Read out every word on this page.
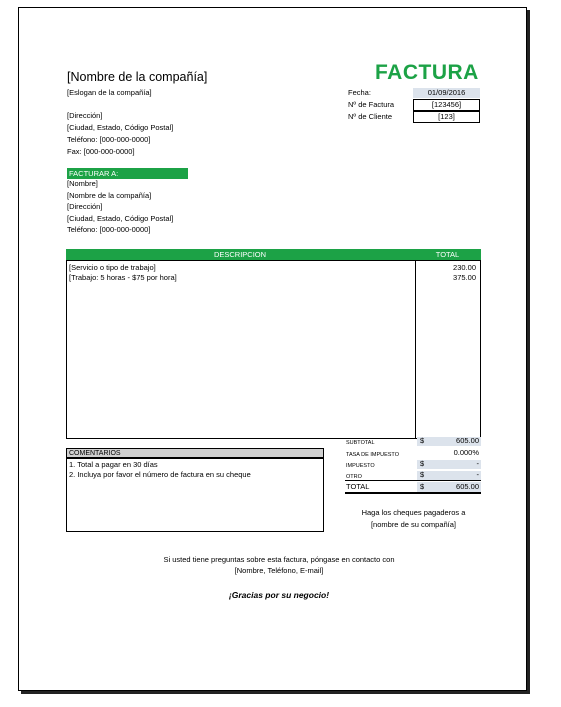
[Nombre de la compañía]
[Eslogan de la compañía]
[Dirección]
[Ciudad, Estado, Código Postal]
Teléfono: [000-000-0000]
Fax: [000-000-0000]
FACTURA
Fecha:	01/09/2016
Nº de Factura	[123456]
Nº de Cliente	[123]
FACTURAR A:
[Nombre]
[Nombre de la compañía]
[Dirección]
[Ciudad, Estado, Código Postal]
Teléfono: [000-000-0000]
DESCRIPCION	TOTAL
[Servicio o tipo de trabajo]	230.00
[Trabajo: 5 horas - $75 por hora]	375.00
SUBTOTAL	$	605.00
TASA DE IMPUESTO	0.000%
IMPUESTO	$	-
OTRO	$	-
TOTAL	$	605.00
COMENTARIOS
1. Total a pagar en 30 días
2. Incluya por favor el número de factura en su cheque
Haga los cheques pagaderos a
[nombre de su compañía]
Si usted tiene preguntas sobre esta factura, póngase en contacto con
[Nombre, Teléfono, E-mail]
¡Gracias por su negocio!
